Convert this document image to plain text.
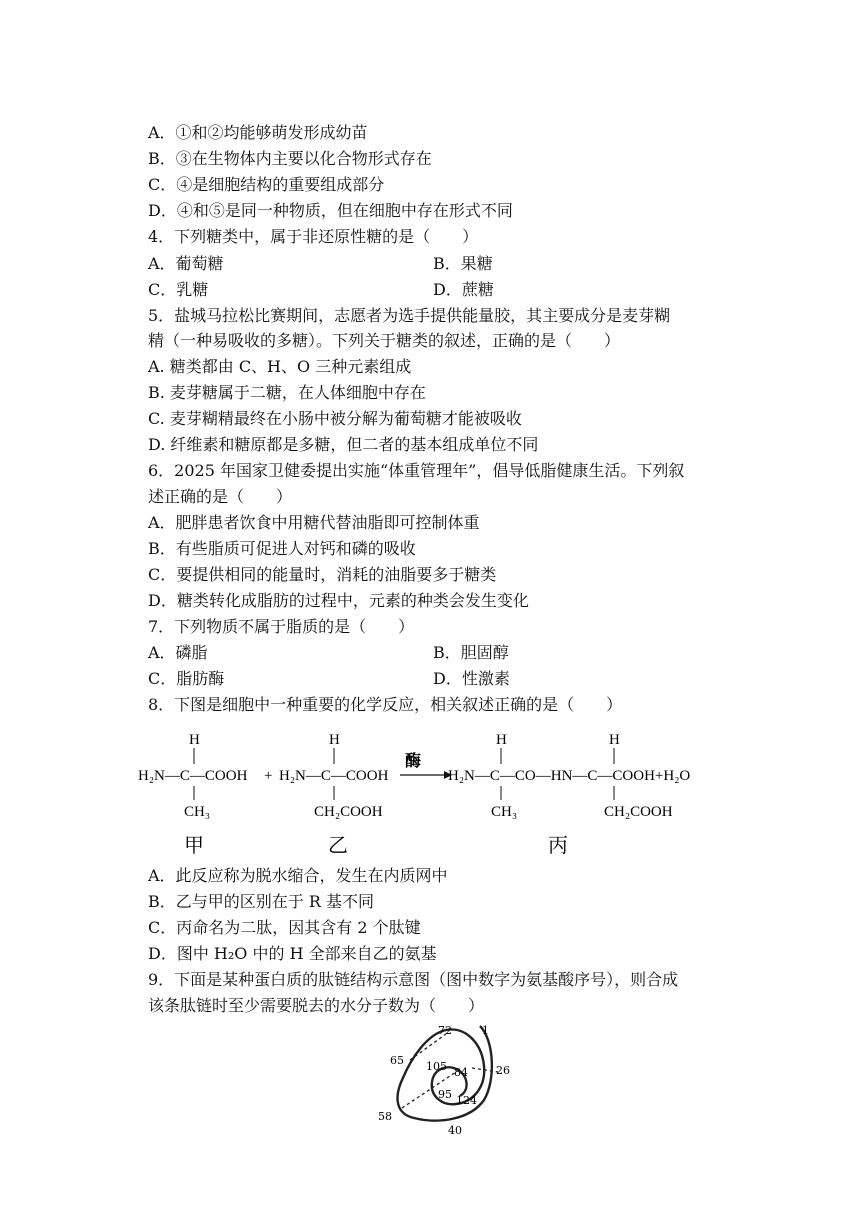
A．①和②均能够萌发形成幼苗
B．③在生物体内主要以化合物形式存在
C．④是细胞结构的重要组成部分
D．④和⑤是同一种物质，但在细胞中存在形式不同
4．下列糖类中，属于非还原性糖的是（　　）
A．葡萄糖	B．果糖
C．乳糖	D．蔗糖
5．盐城马拉松比赛期间，志愿者为选手提供能量胶，其主要成分是麦芽糊
精（一种易吸收的多糖）。下列关于糖类的叙述，正确的是（　　）
A. 糖类都由 C、H、O 三种元素组成
B. 麦芽糖属于二糖，在人体细胞中存在
C. 麦芽糊精最终在小肠中被分解为葡萄糖才能被吸收
D. 纤维素和糖原都是多糖，但二者的基本组成单位不同
6．2025 年国家卫健委提出实施“体重管理年”，倡导低脂健康生活。下列叙
述正确的是（　　）
A．肥胖患者饮食中用糖代替油脂即可控制体重
B．有些脂质可促进人对钙和磷的吸收
C．要提供相同的能量时，消耗的油脂要多于糖类
D．糖类转化成脂肪的过程中，元素的种类会发生变化
7．下列物质不属于脂质的是（　　）
A．磷脂	B．胆固醇
C．脂肪酶	D．性激素
8．下图是细胞中一种重要的化学反应，相关叙述正确的是（　　）
H	H	H	H
H₂N—C—COOH + H₂N—C—COOH
酶
H₂N—C—CO—HN—C—COOH+H₂O
CH₃	CH₂COOH	CH₃	CH₂COOH
甲	乙	丙
A．此反应称为脱水缩合，发生在内质网中
B．乙与甲的区别在于 R 基不同
C．丙命名为二肽，因其含有 2 个肽键
D．图中 H₂O 中的 H 全部来自乙的氨基
9．下面是某种蛋白质的肽链结构示意图（图中数字为氨基酸序号），则合成
该条肽链时至少需要脱去的水分子数为（　　）
72	1
65 105 84	26
95 124
58
40
